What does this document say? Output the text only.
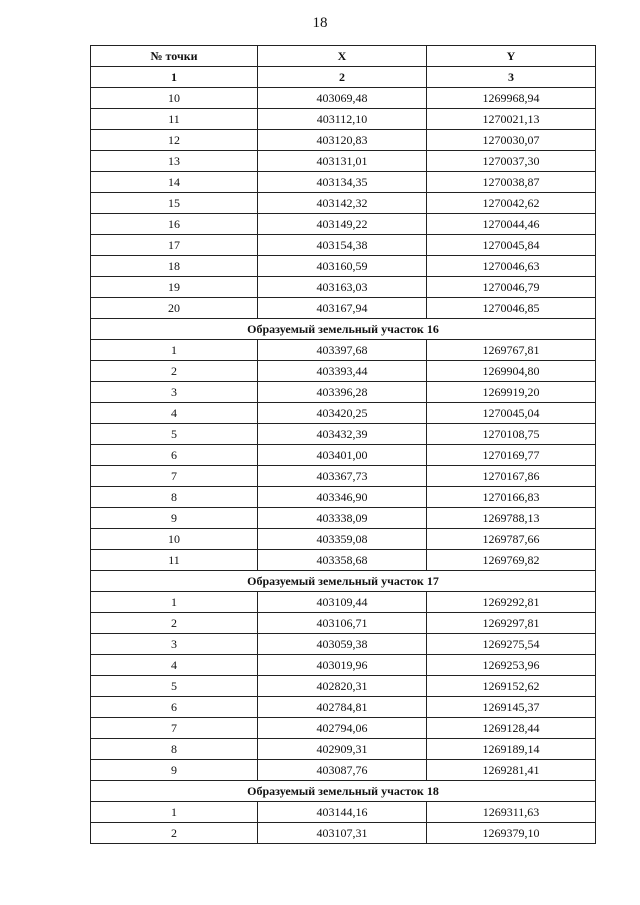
18
№ точки	X	Y
1	2	3
10	403069,48	1269968,94
11	403112,10	1270021,13
12	403120,83	1270030,07
13	403131,01	1270037,30
14	403134,35	1270038,87
15	403142,32	1270042,62
16	403149,22	1270044,46
17	403154,38	1270045,84
18	403160,59	1270046,63
19	403163,03	1270046,79
20	403167,94	1270046,85
Образуемый земельный участок 16		
1	403397,68	1269767,81
2	403393,44	1269904,80
3	403396,28	1269919,20
4	403420,25	1270045,04
5	403432,39	1270108,75
6	403401,00	1270169,77
7	403367,73	1270167,86
8	403346,90	1270166,83
9	403338,09	1269788,13
10	403359,08	1269787,66
11	403358,68	1269769,82
Образуемый земельный участок 17		
1	403109,44	1269292,81
2	403106,71	1269297,81
3	403059,38	1269275,54
4	403019,96	1269253,96
5	402820,31	1269152,62
6	402784,81	1269145,37
7	402794,06	1269128,44
8	402909,31	1269189,14
9	403087,76	1269281,41
Образуемый земельный участок 18		
1	403144,16	1269311,63
2	403107,31	1269379,10
